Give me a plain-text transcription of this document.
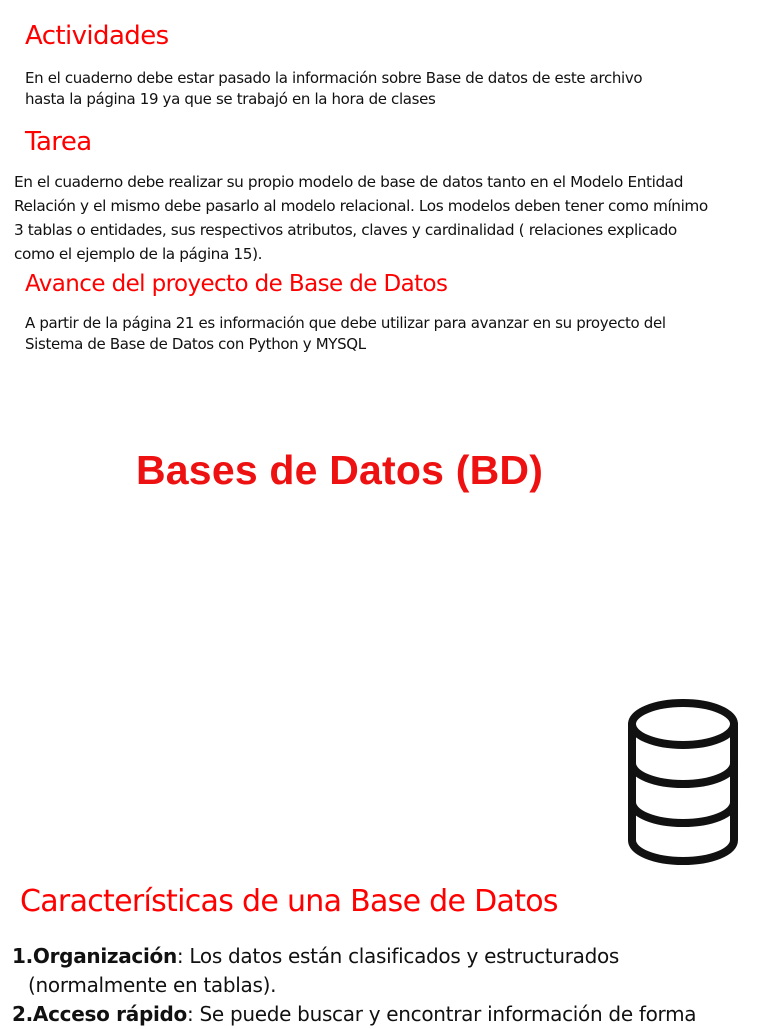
Actividades
En el cuaderno debe estar pasado la información sobre Base de datos de este archivo
hasta la página 19 ya que se trabajó en la hora de clases
Tarea
En el cuaderno debe realizar su propio modelo de base de datos tanto en el Modelo Entidad
Relación y el mismo debe pasarlo al modelo relacional. Los modelos deben tener como mínimo
3 tablas o entidades, sus respectivos atributos, claves y cardinalidad ( relaciones explicado
como el ejemplo de la página 15).
Avance del proyecto de Base de Datos
A partir de la página 21 es información que debe utilizar para avanzar en su proyecto del
Sistema de Base de Datos con Python y MYSQL
Bases de Datos (BD)
Características de una Base de Datos
1.Organización: Los datos están clasificados y estructurados
(normalmente en tablas).
2.Acceso rápido: Se puede buscar y encontrar información de forma
